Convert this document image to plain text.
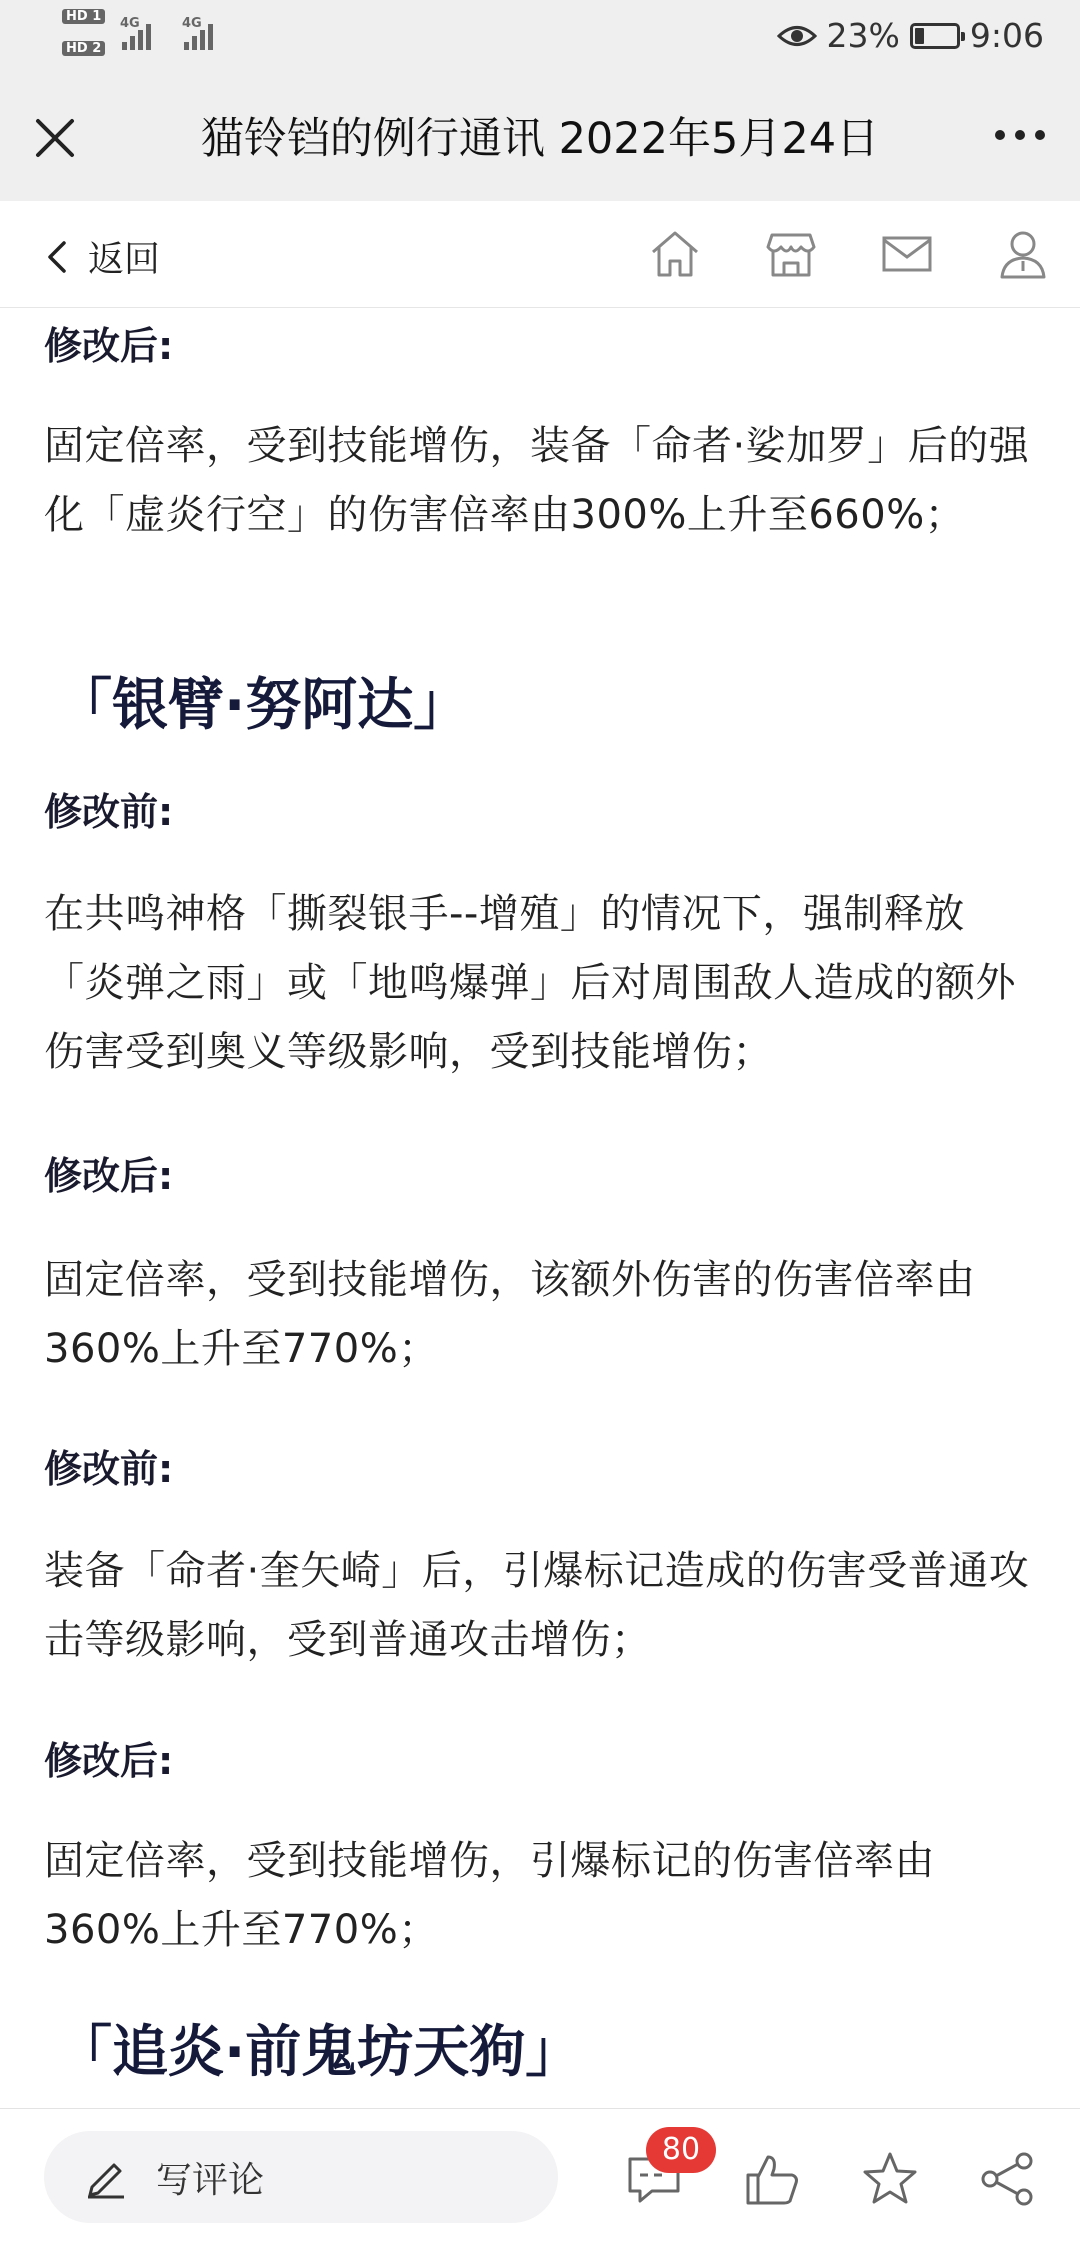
HD 1
HD 2
4G	4G	23% 9:06
猫铃铛的例行通讯 2022年5月24日
返回

修改后:

固定倍率，受到技能增伤，装备「命者·娑加罗」后的强化「虚炎行空」的伤害倍率由300%上升至660%；

「银臂·努阿达」

修改前:

在共鸣神格「撕裂银手--增殖」的情况下，强制释放「炎弹之雨」或「地鸣爆弹」后对周围敌人造成的额外伤害受到奥义等级影响，受到技能增伤；

修改后:

固定倍率，受到技能增伤，该额外伤害的伤害倍率由360%上升至770%；

修改前:

装备「命者·奎矢崎」后，引爆标记造成的伤害受普通攻击等级影响，受到普通攻击增伤；

修改后:

固定倍率，受到技能增伤，引爆标记的伤害倍率由360%上升至770%；

「追炎·前鬼坊天狗」
写评论
80
